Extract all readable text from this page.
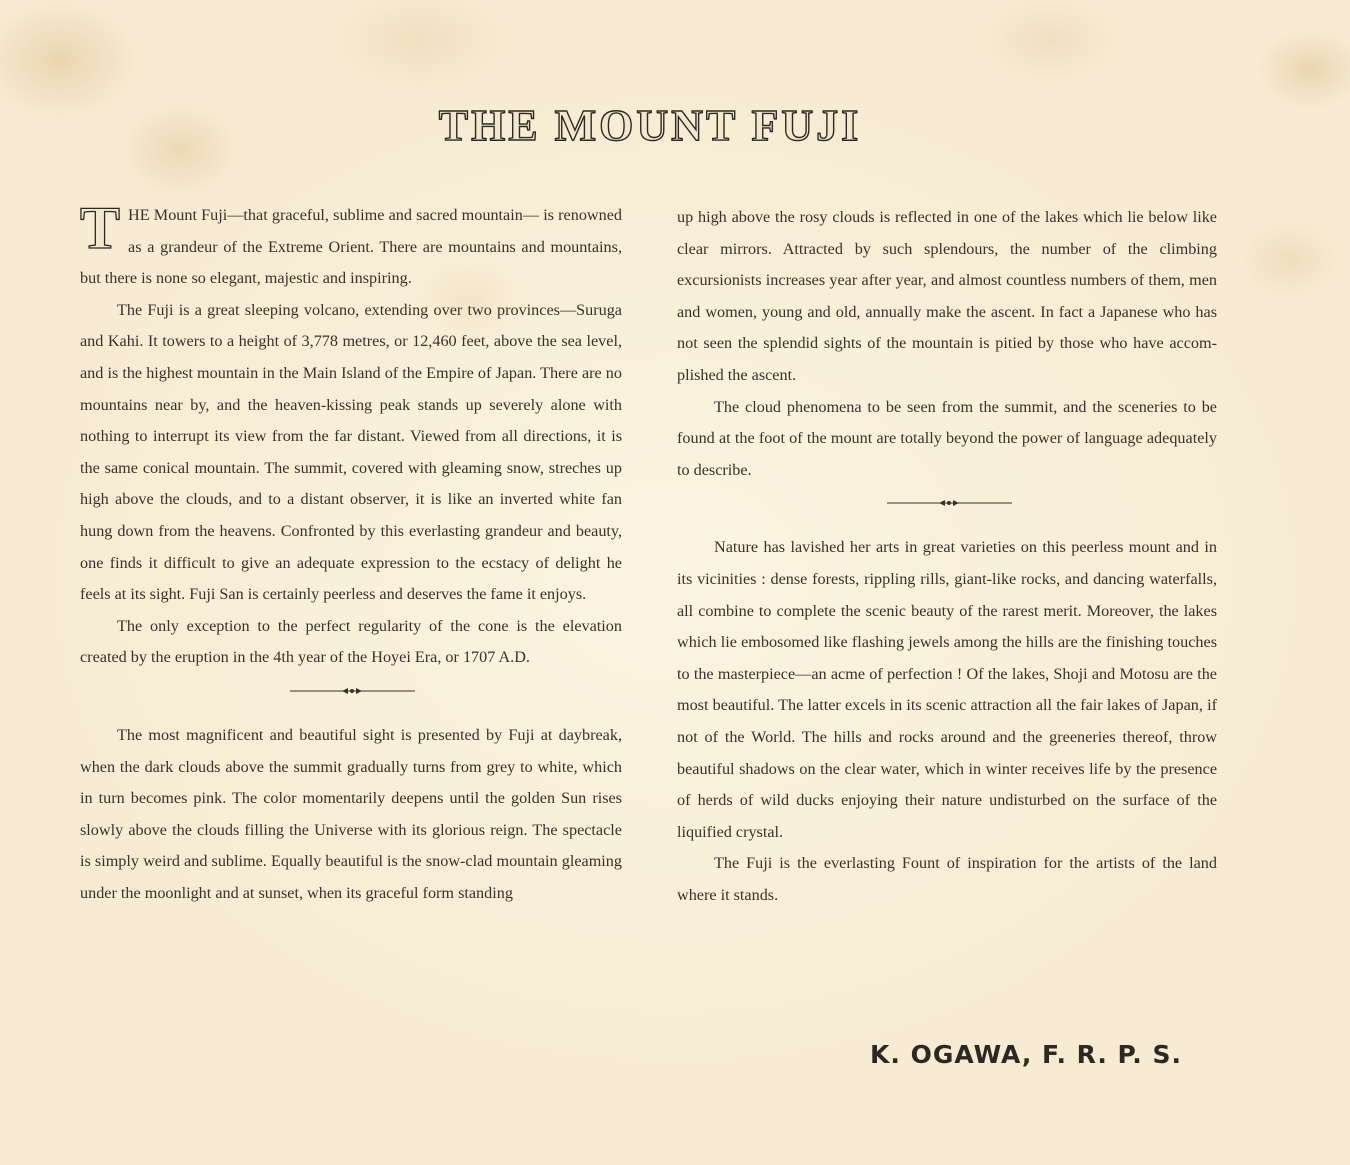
THE MOUNT FUJI

THE Mount Fuji—that graceful, sublime and sacred mountain— is renowned as a grandeur of the Extreme Orient. There are mountains and mountains, but there is none so elegant, majestic and inspiring.

The Fuji is a great sleeping volcano, extending over two provinces—Suruga and Kahi. It towers to a height of 3,778 metres, or 12,460 feet, above the sea level, and is the highest mountain in the Main Island of the Empire of Japan. There are no mountains near by, and the heaven-kissing peak stands up severely alone with nothing to interrupt its view from the far distant. Viewed from all directions, it is the same conical mountain. The summit, covered with gleaming snow, streches up high above the clouds, and to a distant observer, it is like an inverted white fan hung down from the heavens. Confronted by this everlasting grandeur and beauty, one finds it difficult to give an adequate expression to the ecstacy of delight he feels at its sight. Fuji San is certainly peerless and deserves the fame it enjoys.

The only exception to the perfect regularity of the cone is the elevation created by the eruption in the 4th year of the Hoyei Era, or 1707 A.D.

The most magnificent and beautiful sight is presented by Fuji at daybreak, when the dark clouds above the summit gradually turns from grey to white, which in turn becomes pink. The color momentarily deepens until the golden Sun rises slowly above the clouds filling the Universe with its glorious reign. The spectacle is simply weird and sublime. Equally beautiful is the snow-clad mountain gleaming under the moonlight and at sunset, when its graceful form standing

up high above the rosy clouds is reflected in one of the lakes which lie below like clear mirrors. Attracted by such splendours, the number of the climbing excursionists increases year after year, and almost countless numbers of them, men and women, young and old, annually make the ascent. In fact a Japanese who has not seen the splendid sights of the mountain is pitied by those who have accomplished the ascent.

The cloud phenomena to be seen from the summit, and the sceneries to be found at the foot of the mount are totally beyond the power of language adequately to describe.

Nature has lavished her arts in great varieties on this peerless mount and in its vicinities : dense forests, rippling rills, giant-like rocks, and dancing waterfalls, all combine to complete the scenic beauty of the rarest merit. Moreover, the lakes which lie embosomed like flashing jewels among the hills are the finishing touches to the masterpiece—an acme of perfection ! Of the lakes, Shoji and Motosu are the most beautiful. The latter excels in its scenic attraction all the fair lakes of Japan, if not of the World. The hills and rocks around and the greeneries thereof, throw beautiful shadows on the clear water, which in winter receives life by the presence of herds of wild ducks enjoying their nature undisturbed on the surface of the liquified crystal.

The Fuji is the everlasting Fount of inspiration for the artists of the land where it stands.

K. OGAWA, F. R. P. S.
